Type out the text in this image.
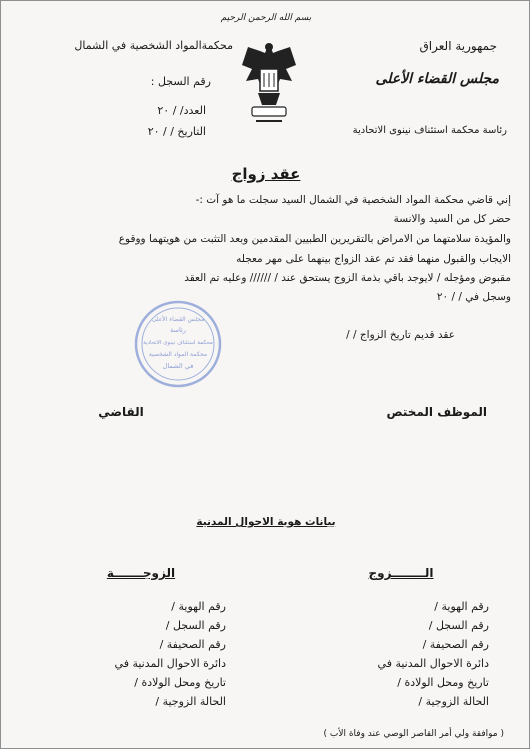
بسم الله الرحمن الرحيم
جمهورية العراق
مجلس القضاء الأعلى
رئاسة محكمة استئناف نينوى الاتحادية
محكمةالمواد الشخصية في الشمال
رقم السجل :
العدد/ / ٢٠
التاريخ / / ٢٠
عقد زواج
إني قاضي محكمة المواد الشخصية في الشمال السيد سجلت ما هو آت :-
حضر كل من السيد والانسة
والمؤيدة سلامتهما من الامراض بالتقريرين الطبيين المقدمين وبعد التثبت من هويتهما ووقوع
الايجاب والقبول منهما فقد تم عقد الزواج بينهما على مهر معجله
مقبوض ومؤجله / لايوجد باقي بذمة الزوج يستحق عند / ////// وعليه تم العقد
وسجل في / / ٢٠
عقد قديم تاريخ الزواج / /
مجلس القضاء الأعلى
رئاسة
محكمة استئناف نينوى الاتحادية
محكمة المواد الشخصية
في الشمال
القاضي	الموظف المختص
بيانات هوية الاحوال المدنية
الزوجـــــــة	الــــــــزوج
رقم الهوية /
رقم السجل /
رقم الصحيفة /
دائرة الاحوال المدنية في
تاريخ ومحل الولادة /
الحالة الزوجية /
رقم الهوية /
رقم السجل /
رقم الصحيفة /
دائرة الاحوال المدنية في
تاريخ ومحل الولادة /
الحالة الزوجية /
( موافقة ولي أمر القاصر الوصي عند وفاة الأب )
